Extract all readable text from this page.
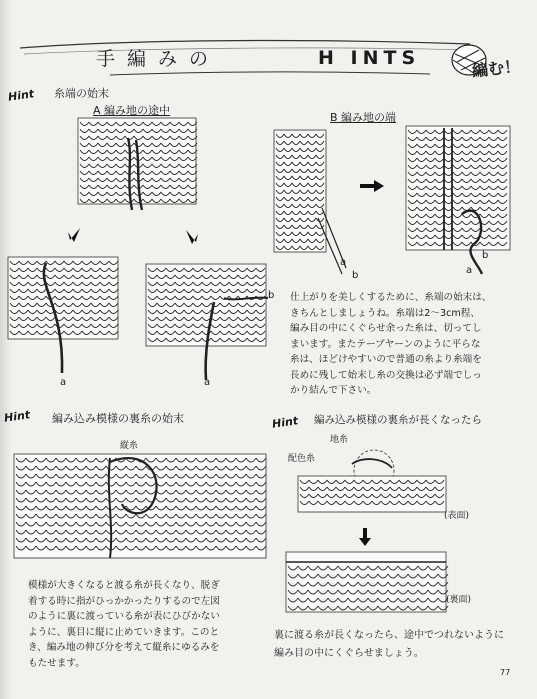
手編みの	H INTS	編む！
Hint 糸端の始末
A 編み地の途中
B 編み地の端
a
b
a
a
b	a
b
仕上がりを美しくするために、糸端の始末は、
きちんとしましょうね。糸端は2～3cm程、
編み目の中にくぐらせ余った糸は、切ってし
まいます。またテーブヤーンのように平らな
糸は、ほどけやすいので普通の糸より糸端を
長めに残して始末し糸の交換は必ず端でしっ
かり結んで下さい。
Hint 編み込み模様の裏糸の始末
縦糸
模様が大きくなると渡る糸が長くなり、脱ぎ
着する時に指がひっかかったりするので左図
のように裏に渡っている糸が表にひびかない
ように、裏目に縦に止めていきます。このと
き、編み地の伸び分を考えて縦糸にゆるみを
もたせます。
Hint 編み込み模様の裏糸が長くなったら
地糸
配色糸
(表面)
(裏面)
裏に渡る糸が長くなったら、途中でつれないように
編み目の中にくぐらせましょう。
77
